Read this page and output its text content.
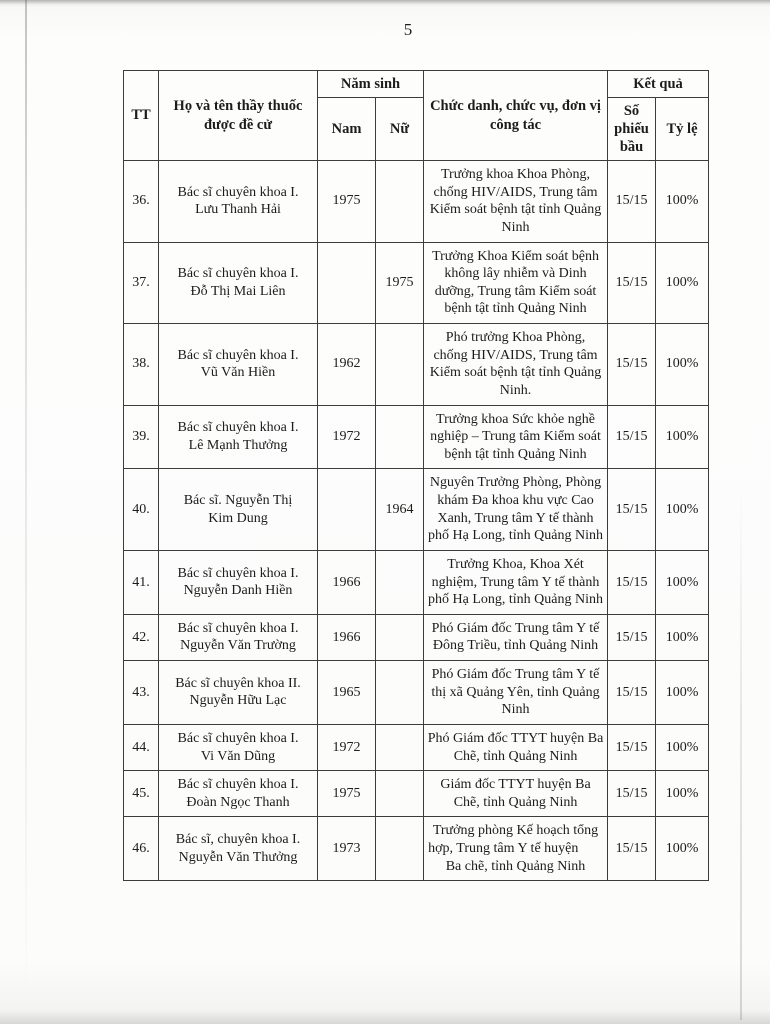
5
TT	Họ và tên thầy thuốc được đề cử	Năm sinh		Chức danh, chức vụ, đơn vị công tác	Kết quả	
		Nam	Nữ		Số phiếu bầu	Tỷ lệ
36.	Bác sĩ chuyên khoa I.
Lưu Thanh Hải	1975		Trưởng khoa Khoa Phòng, chống HIV/AIDS, Trung tâm Kiểm soát bệnh tật tỉnh Quảng Ninh	15/15	100%
37.	Bác sĩ chuyên khoa I.
Đỗ Thị Mai Liên		1975	Trưởng Khoa Kiểm soát bệnh không lây nhiễm và Dinh dưỡng, Trung tâm Kiểm soát bệnh tật tỉnh Quảng Ninh	15/15	100%
38.	Bác sĩ chuyên khoa I.
Vũ Văn Hiền	1962		Phó trưởng Khoa Phòng, chống HIV/AIDS, Trung tâm Kiểm soát bệnh tật tỉnh Quảng Ninh.	15/15	100%
39.	Bác sĩ chuyên khoa I.
Lê Mạnh Thưởng	1972		Trưởng khoa Sức khỏe nghề nghiệp – Trung tâm Kiểm soát bệnh tật tỉnh Quảng Ninh	15/15	100%
40.	Bác sĩ. Nguyễn Thị
Kim Dung		1964	Nguyên Trưởng Phòng, Phòng khám Đa khoa khu vực Cao Xanh, Trung tâm Y tế thành phố Hạ Long, tỉnh Quảng Ninh	15/15	100%
41.	Bác sĩ chuyên khoa I.
Nguyễn Danh Hiền	1966		Trưởng Khoa, Khoa Xét nghiệm, Trung tâm Y tế thành phố Hạ Long, tỉnh Quảng Ninh	15/15	100%
42.	Bác sĩ chuyên khoa I.
Nguyễn Văn Trường	1966		Phó Giám đốc Trung tâm Y tế Đông Triều, tỉnh Quảng Ninh	15/15	100%
43.	Bác sĩ chuyên khoa II.
Nguyễn Hữu Lạc	1965		Phó Giám đốc Trung tâm Y tế thị xã Quảng Yên, tỉnh Quảng Ninh	15/15	100%
44.	Bác sĩ chuyên khoa I.
Vi Văn Dũng	1972		Phó Giám đốc TTYT huyện Ba Chẽ, tỉnh Quảng Ninh	15/15	100%
45.	Bác sĩ chuyên khoa I.
Đoàn Ngọc Thanh	1975		Giám đốc TTYT huyện Ba Chẽ, tỉnh Quảng Ninh	15/15	100%
46.	Bác sĩ, chuyên khoa I.
Nguyễn Văn Thưởng	1973		Trưởng phòng Kế hoạch tổng hợp, Trung tâm Y tế huyện        Ba chẽ, tỉnh Quảng Ninh	15/15	100%
